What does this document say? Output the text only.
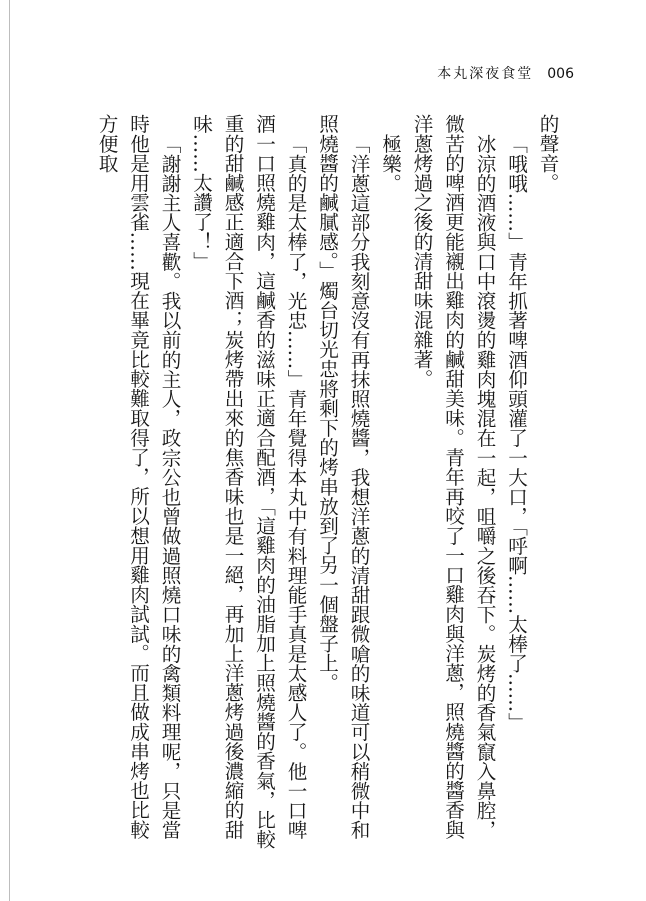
本丸深夜食堂 006

的聲音。

「哦哦……」青年抓著啤酒仰頭灌了一大口，「呼啊……太棒了……」

冰涼的酒液與口中滾燙的雞肉塊混在一起，咀嚼之後吞下。炭烤的香氣竄入鼻腔，微苦的啤酒更能襯出雞肉的鹹甜美味。青年再咬了一口雞肉與洋蔥，照燒醬的醬香與洋蔥烤過之後的清甜味混雜著。

極樂。

「洋蔥這部分我刻意沒有再抹照燒醬，我想洋蔥的清甜跟微嗆的味道可以稍微中和照燒醬的鹹膩感。」燭台切光忠將剩下的烤串放到了另一個盤子上。

「真的是太棒了，光忠……」青年覺得本丸中有料理能手真是太感人了。他一口啤酒一口照燒雞肉，這鹹香的滋味正適合配酒，「這雞肉的油脂加上照燒醬的香氣，比較重的甜鹹感正適合下酒；炭烤帶出來的焦香味也是一絕，再加上洋蔥烤過後濃縮的甜味……太讚了！」

「謝謝主人喜歡。我以前的主人，政宗公也曾做過照燒口味的禽類料理呢，只是當時他是用雲雀……現在畢竟比較難取得了，所以想用雞肉試試。而且做成串烤也比較方便取
